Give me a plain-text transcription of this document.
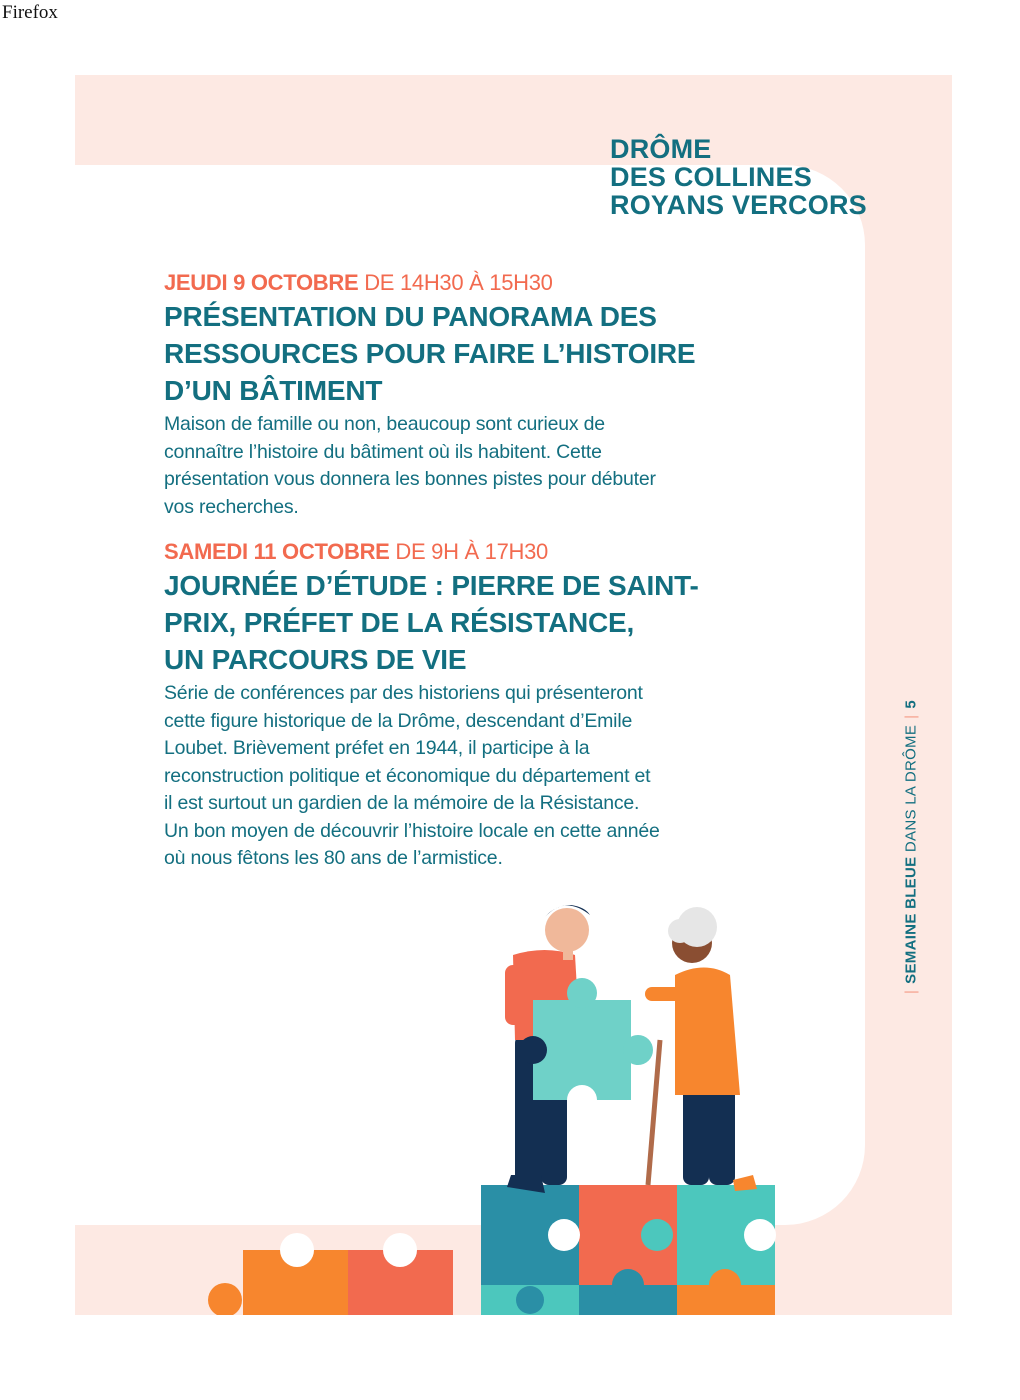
Firefox
DRÔME
DES COLLINES
ROYANS VERCORS
JEUDI 9 OCTOBRE DE 14H30 À 15H30
PRÉSENTATION DU PANORAMA DES
RESSOURCES POUR FAIRE L’HISTOIRE
D’UN BÂTIMENT
Maison de famille ou non, beaucoup sont curieux de
connaître l’histoire du bâtiment où ils habitent. Cette
présentation vous donnera les bonnes pistes pour débuter
vos recherches.
SAMEDI 11 OCTOBRE DE 9H À 17H30
JOURNÉE D’ÉTUDE : PIERRE DE SAINT-
PRIX, PRÉFET DE LA RÉSISTANCE,
UN PARCOURS DE VIE
Série de conférences par des historiens qui présenteront
cette figure historique de la Drôme, descendant d’Emile
Loubet. Brièvement préfet en 1944, il participe à la
reconstruction politique et économique du département et
il est surtout un gardien de la mémoire de la Résistance.
Un bon moyen de découvrir l’histoire locale en cette année
où nous fêtons les 80 ans de l’armistice.
|SEMAINE BLEUE DANS LA DRÔME|5
